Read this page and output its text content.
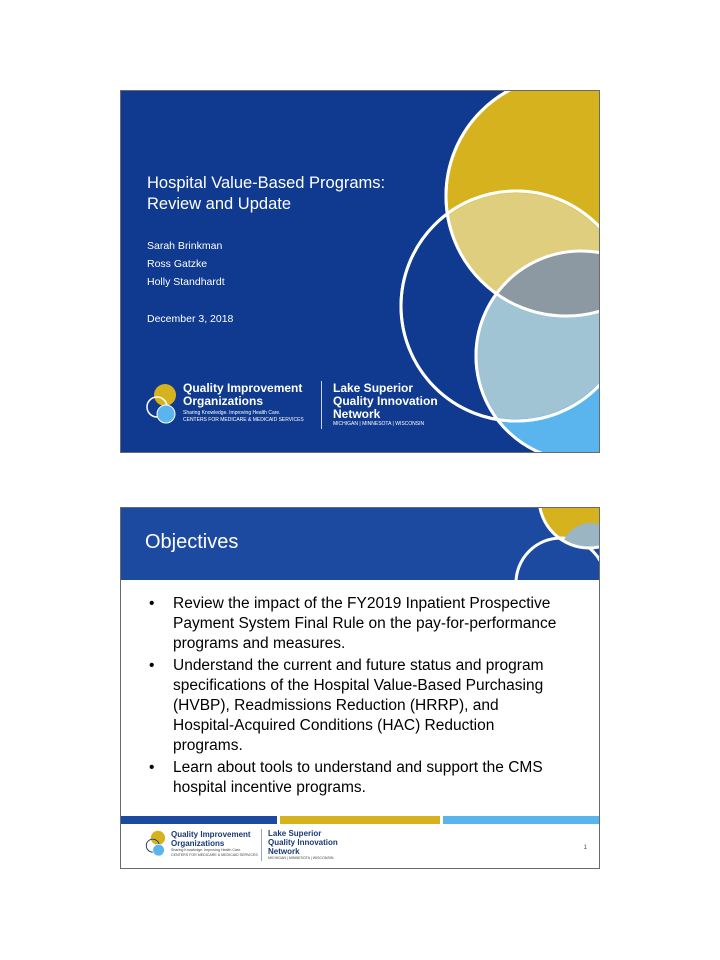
Hospital Value-Based Programs:
Review and Update
Sarah Brinkman
Ross Gatzke
Holly Standhardt
December 3, 2018
Quality Improvement
Organizations
Sharing Knowledge. Improving Health Care.
CENTERS FOR MEDICARE & MEDICAID SERVICES
Lake Superior
Quality Innovation
Network
MICHIGAN | MINNESOTA | WISCONSIN
Objectives
• Review the impact of the FY2019 Inpatient Prospective Payment System Final Rule on the pay-for-performance programs and measures.
• Understand the current and future status and program specifications of the Hospital Value-Based Purchasing (HVBP), Readmissions Reduction (HRRP), and Hospital-Acquired Conditions (HAC) Reduction programs.
• Learn about tools to understand and support the CMS hospital incentive programs.
Quality Improvement
Organizations
Sharing Knowledge. Improving Health Care.
CENTERS FOR MEDICARE & MEDICAID SERVICES
Lake Superior
Quality Innovation
Network
MICHIGAN | MINNESOTA | WISCONSIN
1
